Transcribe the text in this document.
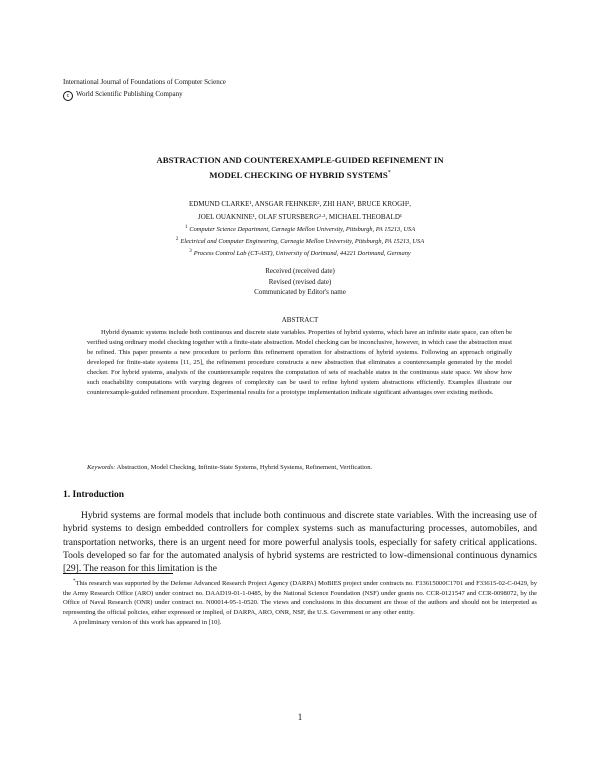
International Journal of Foundations of Computer Science
c World Scientific Publishing Company
ABSTRACTION AND COUNTEREXAMPLE-GUIDED REFINEMENT IN
MODEL CHECKING OF HYBRID SYSTEMS*
EDMUND CLARKE¹, ANSGAR FEHNKER², ZHI HAN², BRUCE KROGH²,
JOEL OUAKNINE¹, OLAF STURSBERG²·³, MICHAEL THEOBALD¹
$^1$ Computer Science Department, Carnegie Mellon University, Pittsburgh, PA 15213, USA
$^2$ Electrical and Computer Engineering, Carnegie Mellon University, Pittsburgh, PA 15213, USA
$^3$ Process Control Lab (CT-AST), University of Dortmund, 44221 Dortmund, Germany
Received (received date)
Revised (revised date)
Communicated by Editor's name
ABSTRACT

Hybrid dynamic systems include both continuous and discrete state variables. Properties of hybrid systems, which have an infinite state space, can often be verified using ordinary model checking together with a finite-state abstraction. Model checking can be inconclusive, however, in which case the abstraction must be refined. This paper presents a new procedure to perform this refinement operation for abstractions of hybrid systems. Following an approach originally developed for finite-state systems [11, 25], the refinement procedure constructs a new abstraction that eliminates a counterexample generated by the model checker. For hybrid systems, analysis of the counterexample requires the computation of sets of reachable states in the continuous state space. We show how such reachability computations with varying degrees of complexity can be used to refine hybrid system abstractions efficiently. Examples illustrate our counterexample-guided refinement procedure. Experimental results for a prototype implementation indicate significant advantages over existing methods.

Keywords: Abstraction, Model Checking, Infinite-State Systems, Hybrid Systems, Refinement, Verification.
1. Introduction

Hybrid systems are formal models that include both continuous and discrete state variables. With the increasing use of hybrid systems to design embedded controllers for complex systems such as manufacturing processes, automobiles, and transportation networks, there is an urgent need for more powerful analysis tools, especially for safety critical applications. Tools developed so far for the automated analysis of hybrid systems are restricted to low-dimensional continuous dynamics [29]. The reason for this limitation is the

*This research was supported by the Defense Advanced Research Project Agency (DARPA) MoBIES project under contracts no. F33615000C1701 and F33615-02-C-0429, by the Army Research Office (ARO) under contract no. DAAD19-01-1-0485, by the National Science Foundation (NSF) under grants no. CCR-0121547 and CCR-0098072, by the Office of Naval Research (ONR) under contract no. N00014-95-1-0520. The views and conclusions in this document are those of the authors and should not be interpreted as representing the official policies, either expressed or implied, of DARPA, ARO, ONR, NSF, the U.S. Government or any other entity.

A preliminary version of this work has appeared in [10].

1
